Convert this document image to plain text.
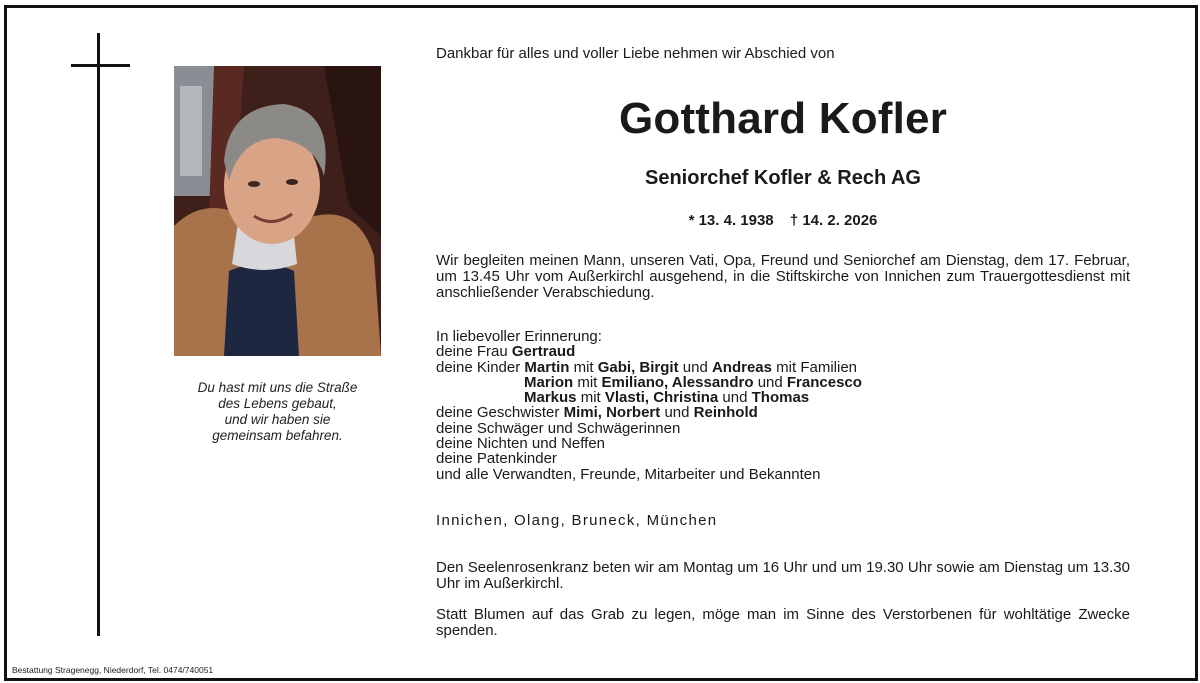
Du hast mit uns die Straße
des Lebens gebaut,
und wir haben sie
gemeinsam befahren.
Dankbar für alles und voller Liebe nehmen wir Abschied von
Gotthard Kofler
Seniorchef Kofler & Rech AG
* 13. 4. 1938 † 14. 2. 2026
Wir begleiten meinen Mann, unseren Vati, Opa, Freund und Seniorchef am Dienstag, dem 17. Februar, um 13.45 Uhr vom Außerkirchl ausgehend, in die Stiftskirche von Innichen zum Trauergottesdienst mit anschließender Verabschiedung.
In liebevoller Erinnerung:
deine Frau Gertraud
deine Kinder Martin mit Gabi, Birgit und Andreas mit Familien
Marion mit Emiliano, Alessandro und Francesco
Markus mit Vlasti, Christina und Thomas
deine Geschwister Mimi, Norbert und Reinhold
deine Schwäger und Schwägerinnen
deine Nichten und Neffen
deine Patenkinder
und alle Verwandten, Freunde, Mitarbeiter und Bekannten
Innichen, Olang, Bruneck, München
Den Seelenrosenkranz beten wir am Montag um 16 Uhr und um 19.30 Uhr sowie am Dienstag um 13.30 Uhr im Außerkirchl.
Statt Blumen auf das Grab zu legen, möge man im Sinne des Verstorbenen für wohltätige Zwecke spenden.
Bestattung Stragenegg, Niederdorf, Tel. 0474/740051
